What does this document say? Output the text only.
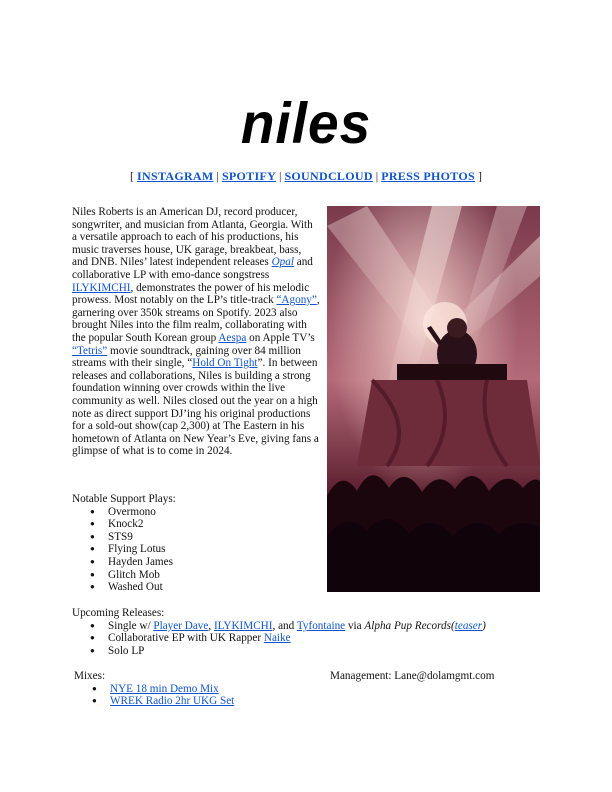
niles
[ INSTAGRAM | SPOTIFY | SOUNDCLOUD | PRESS PHOTOS ]
Niles Roberts is an American DJ, record producer, songwriter, and musician from Atlanta, Georgia. With a versatile approach to each of his productions, his music traverses house, UK garage, breakbeat, bass, and DNB. Niles’ latest independent releases Opal and collaborative LP with emo-dance songstress ILYKIMCHI, demonstrates the power of his melodic prowess. Most notably on the LP’s title-track “Agony”, garnering over 350k streams on Spotify. 2023 also brought Niles into the film realm, collaborating with the popular South Korean group Aespa on Apple TV’s “Tetris” movie soundtrack, gaining over 84 million streams with their single, “Hold On Tight”. In between releases and collaborations, Niles is building a strong foundation winning over crowds within the live community as well. Niles closed out the year on a high note as direct support DJ’ing his original productions for a sold-out show(cap 2,300) at The Eastern in his hometown of Atlanta on New Year’s Eve, giving fans a glimpse of what is to come in 2024.
Notable Support Plays:
● Overmono
● Knock2
● STS9
● Flying Lotus
● Hayden James
● Glitch Mob
● Washed Out
Upcoming Releases:
● Single w/ Player Dave, ILYKIMCHI, and Tyfontaine via Alpha Pup Records(teaser)
● Collaborative EP with UK Rapper Naike
● Solo LP
Mixes:
● NYE 18 min Demo Mix
● WREK Radio 2hr UKG Set
Management: Lane@dolamgmt.com
